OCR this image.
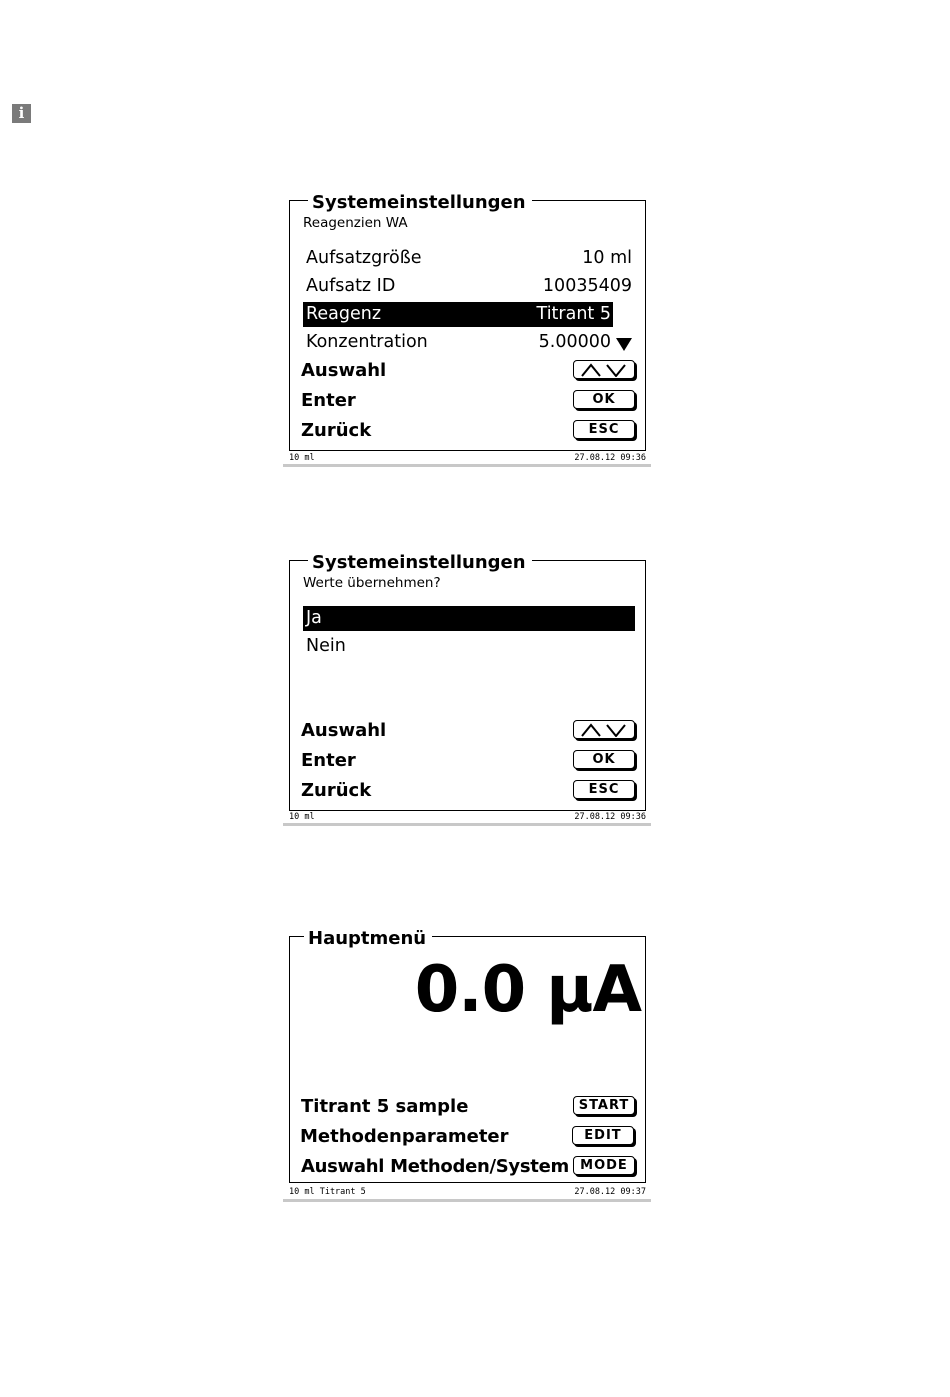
i
Systemeinstellungen
Reagenzien WA
Aufsatzgröße	10 ml
Aufsatz ID	10035409
Reagenz	Titrant 5
Konzentration	5.00000
Auswahl
Enter	OK
Zurück	ESC
10 ml	27.08.12 09:36
Systemeinstellungen
Werte übernehmen?
Ja
Nein
Auswahl
Enter	OK
Zurück	ESC
10 ml	27.08.12 09:36
Hauptmenü
0.0 µA
Titrant 5 sample	START
Methodenparameter	EDIT
Auswahl Methoden/System MODE
10 ml Titrant 5	27.08.12 09:37
